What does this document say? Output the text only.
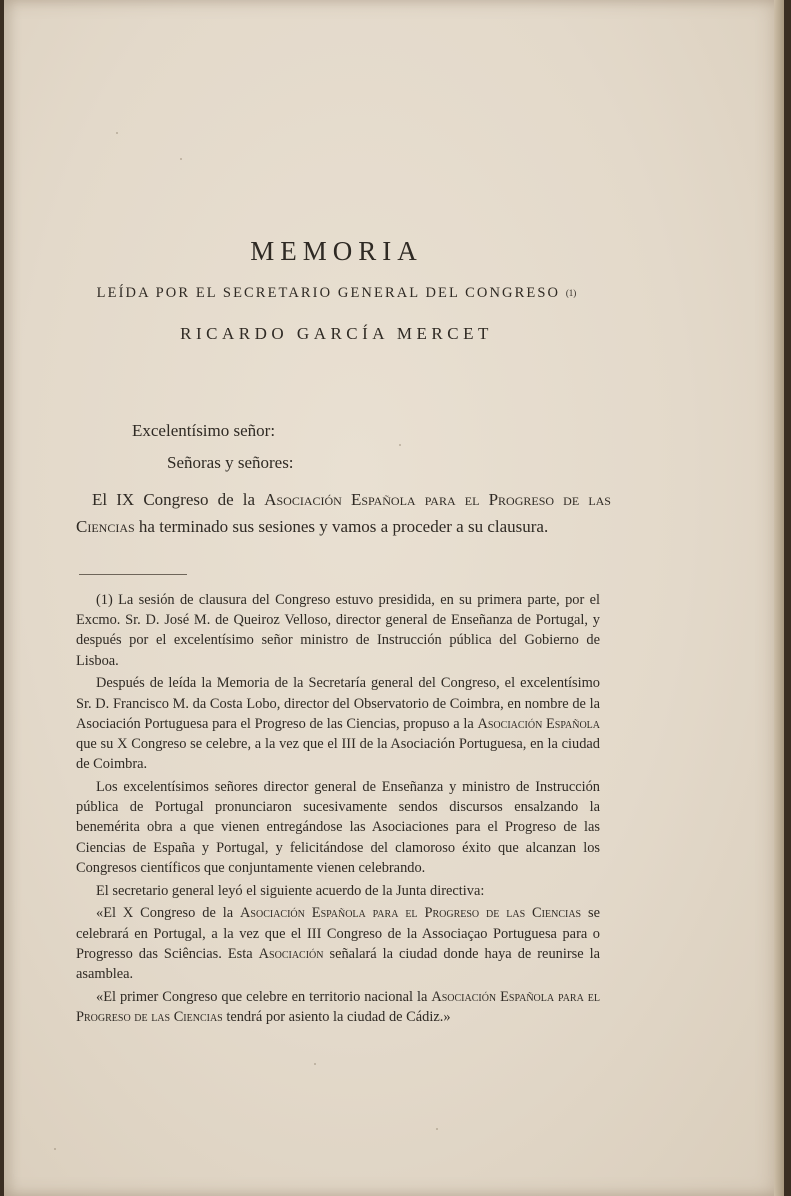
MEMORIA
LEÍDA POR EL SECRETARIO GENERAL DEL CONGRESO (1)
RICARDO GARCÍA MERCET
Excelentísimo señor:
Señoras y señores:

El IX Congreso de la Asociación Española para el Progreso de las Ciencias ha terminado sus sesiones y vamos a proceder a su clausura.

(1) La sesión de clausura del Congreso estuvo presidida, en su primera parte, por el Excmo. Sr. D. José M. de Queiroz Velloso, director general de Enseñanza de Portugal, y después por el excelentísimo señor ministro de Instrucción pública del Gobierno de Lisboa.

Después de leída la Memoria de la Secretaría general del Congreso, el excelentísimo Sr. D. Francisco M. da Costa Lobo, director del Observatorio de Coimbra, en nombre de la Asociación Portuguesa para el Progreso de las Ciencias, propuso a la Asociación Española que su X Congreso se celebre, a la vez que el III de la Asociación Portuguesa, en la ciudad de Coimbra.

Los excelentísimos señores director general de Enseñanza y ministro de Instrucción pública de Portugal pronunciaron sucesivamente sendos discursos ensalzando la benemérita obra a que vienen entregándose las Asociaciones para el Progreso de las Ciencias de España y Portugal, y felicitándose del clamoroso éxito que alcanzan los Congresos científicos que conjuntamente vienen celebrando.

El secretario general leyó el siguiente acuerdo de la Junta directiva:

«El X Congreso de la Asociación Española para el Progreso de las Ciencias se celebrará en Portugal, a la vez que el III Congreso de la Associaçao Portuguesa para o Progresso das Sciências. Esta Asociación señalará la ciudad donde haya de reunirse la asamblea.

«El primer Congreso que celebre en territorio nacional la Asociación Española para el Progreso de las Ciencias tendrá por asiento la ciudad de Cádiz.»
